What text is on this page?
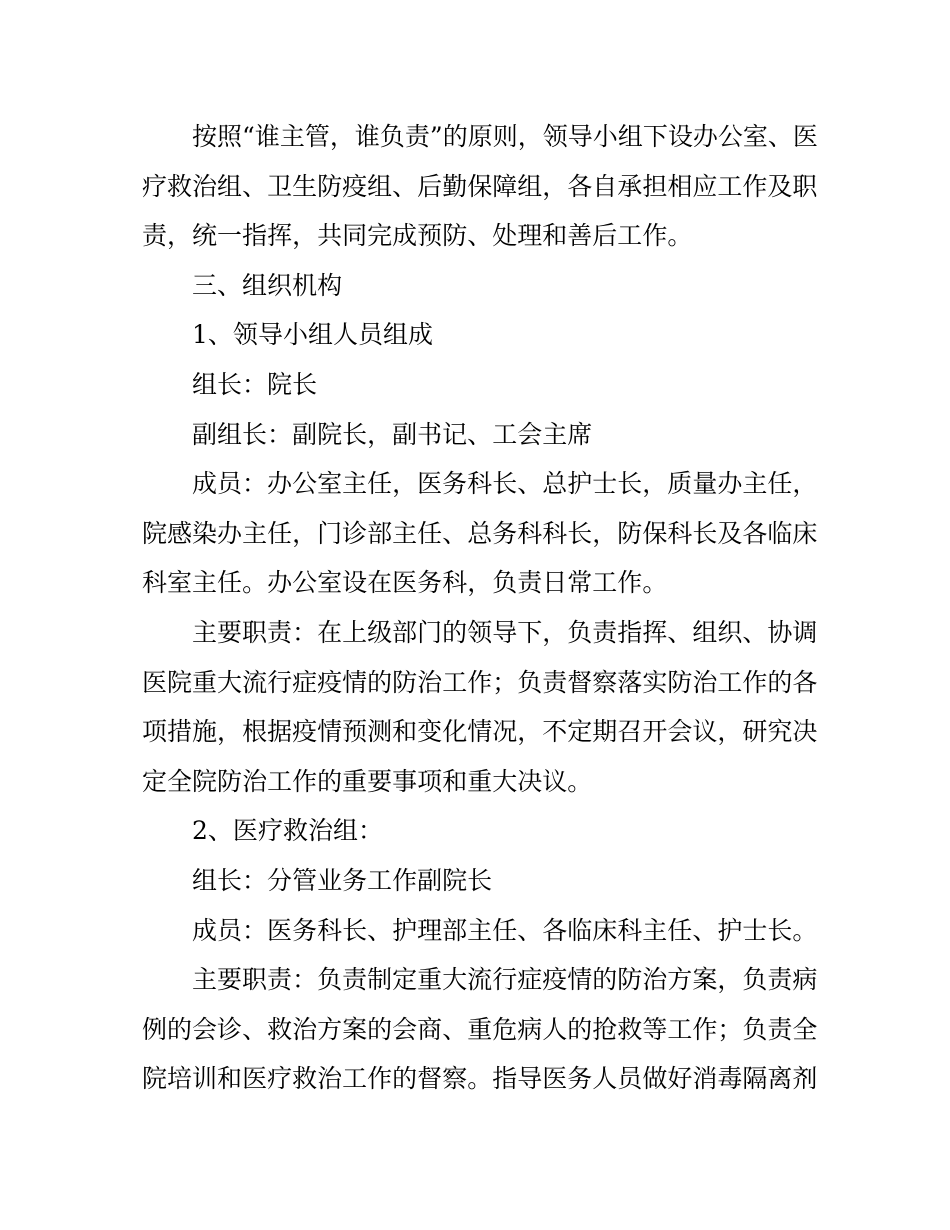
按 照 “ 谁 主 管 ， 谁 负 责 ” 的 原 则 ， 领 导 小 组 下 设 办 公 室 、 医
疗 救 治 组 、 卫 生 防 疫 组 、 后 勤 保 障 组 ， 各 自 承 担 相 应 工 作 及 职
责 ， 统 一 指 挥 ， 共 同 完 成 预 防 、 处 理 和 善 后 工 作 。
三 、 组 织 机 构
1 、 领 导 小 组 人 员 组 成
组 长 ： 院 长
副 组 长 ： 副 院 长 ， 副 书 记 、 工 会 主 席
成 员 ： 办 公 室 主 任 ， 医 务 科 长 、 总 护 士 长 ， 质 量 办 主 任 ，
院 感 染 办 主 任 ， 门 诊 部 主 任 、 总 务 科 科 长 ， 防 保 科 长 及 各 临 床
科 室 主 任 。 办 公 室 设 在 医 务 科 ， 负 责 日 常 工 作 。
主 要 职 责 ： 在 上 级 部 门 的 领 导 下 ， 负 责 指 挥 、 组 织 、 协 调
医 院 重 大 流 行 症 疫 情 的 防 治 工 作 ； 负 责 督 察 落 实 防 治 工 作 的 各
项 措 施 ， 根 据 疫 情 预 测 和 变 化 情 况 ， 不 定 期 召 开 会 议 ， 研 究 决
定 全 院 防 治 工 作 的 重 要 事 项 和 重 大 决 议 。
2 、 医 疗 救 治 组 ：
组 长 ： 分 管 业 务 工 作 副 院 长
成 员 ： 医 务 科 长 、 护 理 部 主 任 、 各 临 床 科 主 任 、 护 士 长 。
主 要 职 责 ： 负 责 制 定 重 大 流 行 症 疫 情 的 防 治 方 案 ， 负 责 病
例 的 会 诊 、 救 治 方 案 的 会 商 、 重 危 病 人 的 抢 救 等 工 作 ； 负 责 全
院 培 训 和 医 疗 救 治 工 作 的 督 察 。 指 导 医 务 人 员 做 好 消 毒 隔 离 剂
